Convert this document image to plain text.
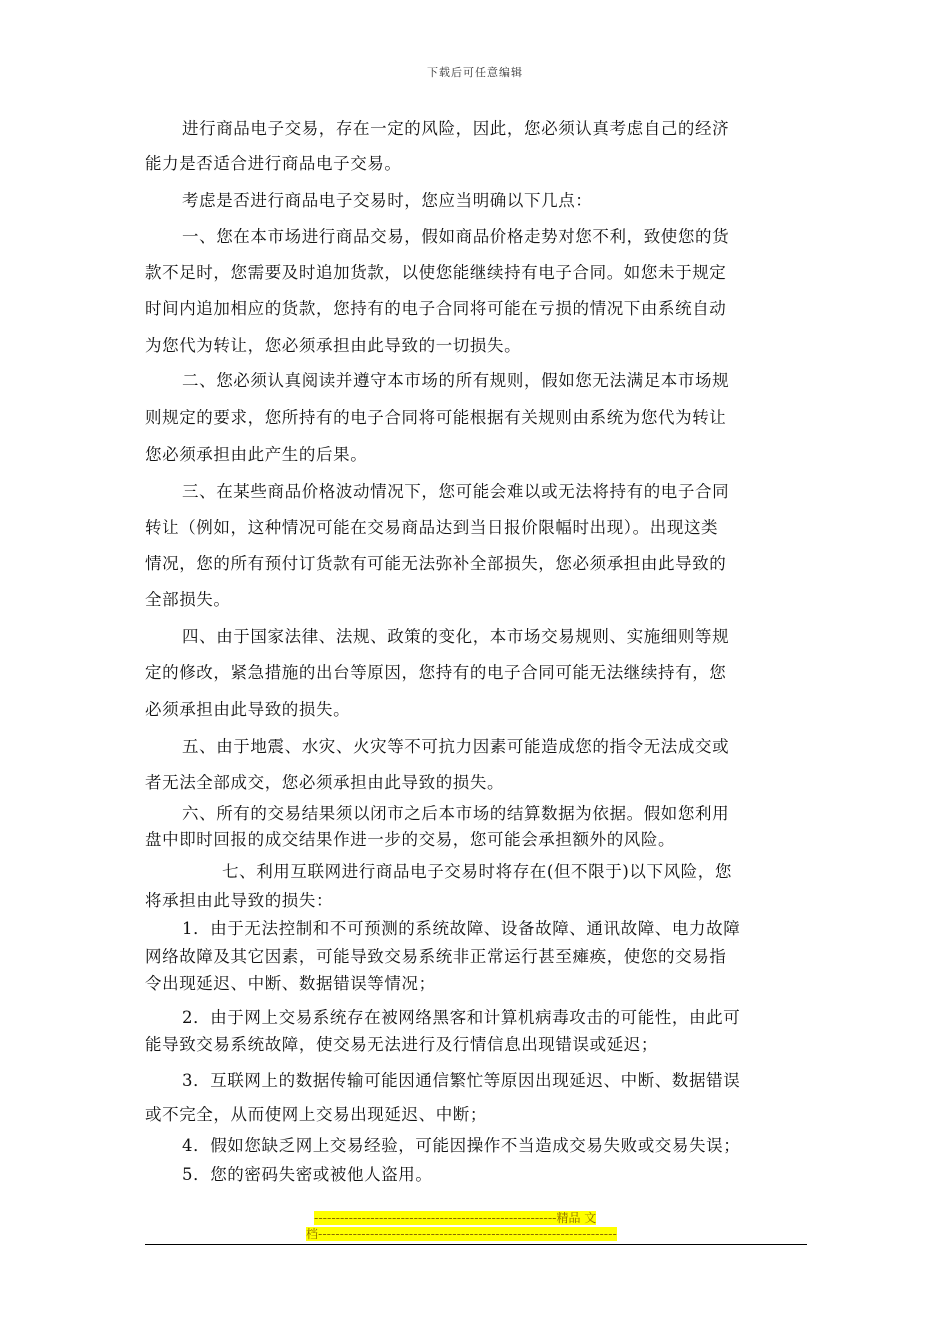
下载后可任意编辑
进行商品电子交易，存在一定的风险，因此，您必须认真考虑自己的经济
能力是否适合进行商品电子交易。
考虑是否进行商品电子交易时，您应当明确以下几点：
一、您在本市场进行商品交易，假如商品价格走势对您不利，致使您的货
款不足时，您需要及时追加货款，以使您能继续持有电子合同。如您未于规定
时间内追加相应的货款，您持有的电子合同将可能在亏损的情况下由系统自动
为您代为转让，您必须承担由此导致的一切损失。
二、您必须认真阅读并遵守本市场的所有规则，假如您无法满足本市场规
则规定的要求，您所持有的电子合同将可能根据有关规则由系统为您代为转让
您必须承担由此产生的后果。
三、在某些商品价格波动情况下，您可能会难以或无法将持有的电子合同
转让（例如，这种情况可能在交易商品达到当日报价限幅时出现）。出现这类
情况，您的所有预付订货款有可能无法弥补全部损失，您必须承担由此导致的
全部损失。
四、由于国家法律、法规、政策的变化，本市场交易规则、实施细则等规
定的修改，紧急措施的出台等原因，您持有的电子合同可能无法继续持有，您
必须承担由此导致的损失。
五、由于地震、水灾、火灾等不可抗力因素可能造成您的指令无法成交或
者无法全部成交，您必须承担由此导致的损失。
六、所有的交易结果须以闭市之后本市场的结算数据为依据。假如您利用
盘中即时回报的成交结果作进一步的交易，您可能会承担额外的风险。
七、利用互联网进行商品电子交易时将存在(但不限于)以下风险，您
将承担由此导致的损失：
1．由于无法控制和不可预测的系统故障、设备故障、通讯故障、电力故障
网络故障及其它因素，可能导致交易系统非正常运行甚至瘫痪，使您的交易指
令出现延迟、中断、数据错误等情况；
2．由于网上交易系统存在被网络黑客和计算机病毒攻击的可能性，由此可
能导致交易系统故障，使交易无法进行及行情信息出现错误或延迟；
3．互联网上的数据传输可能因通信繁忙等原因出现延迟、中断、数据错误
或不完全，从而使网上交易出现延迟、中断；
4．假如您缺乏网上交易经验，可能因操作不当造成交易失败或交易失误；
5．您的密码失密或被他人盗用。
--------------------------------------------------------精品 文
档---------------------------------------------------------------------
